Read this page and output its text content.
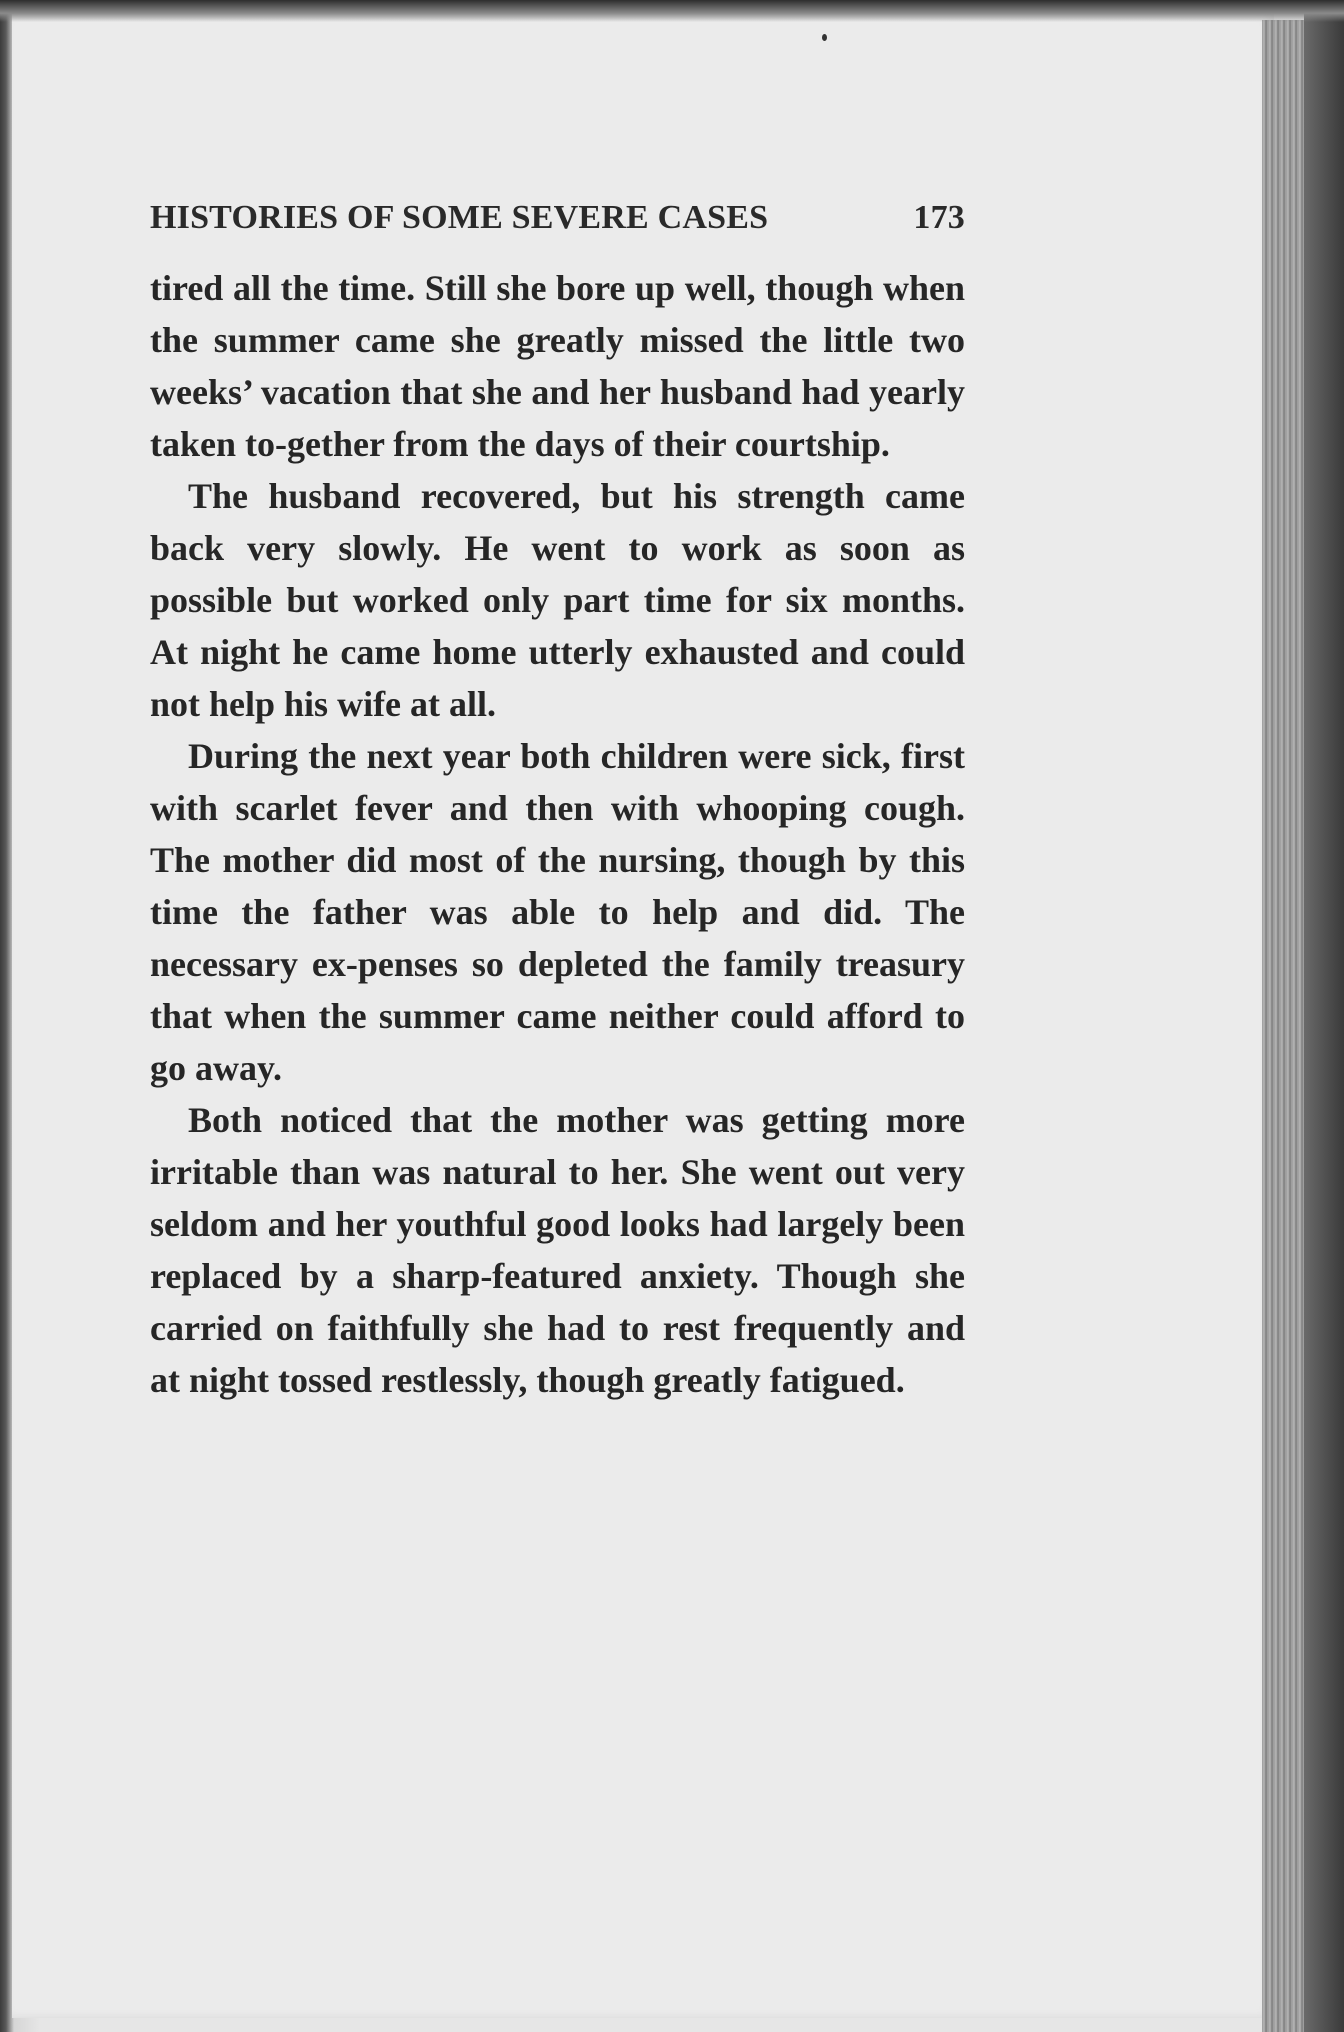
HISTORIES OF SOME SEVERE CASES	173

tired all the time. Still she bore up well, though when the summer came she greatly missed the little two weeks’ vacation that she and her husband had yearly taken to-gether from the days of their courtship.

The husband recovered, but his strength came back very slowly. He went to work as soon as possible but worked only part time for six months. At night he came home utterly exhausted and could not help his wife at all.

During the next year both children were sick, first with scarlet fever and then with whooping cough. The mother did most of the nursing, though by this time the father was able to help and did. The necessary ex-penses so depleted the family treasury that when the summer came neither could afford to go away.

Both noticed that the mother was getting more irritable than was natural to her. She went out very seldom and her youthful good looks had largely been replaced by a sharp-featured anxiety. Though she carried on faithfully she had to rest frequently and at night tossed restlessly, though greatly fatigued.
